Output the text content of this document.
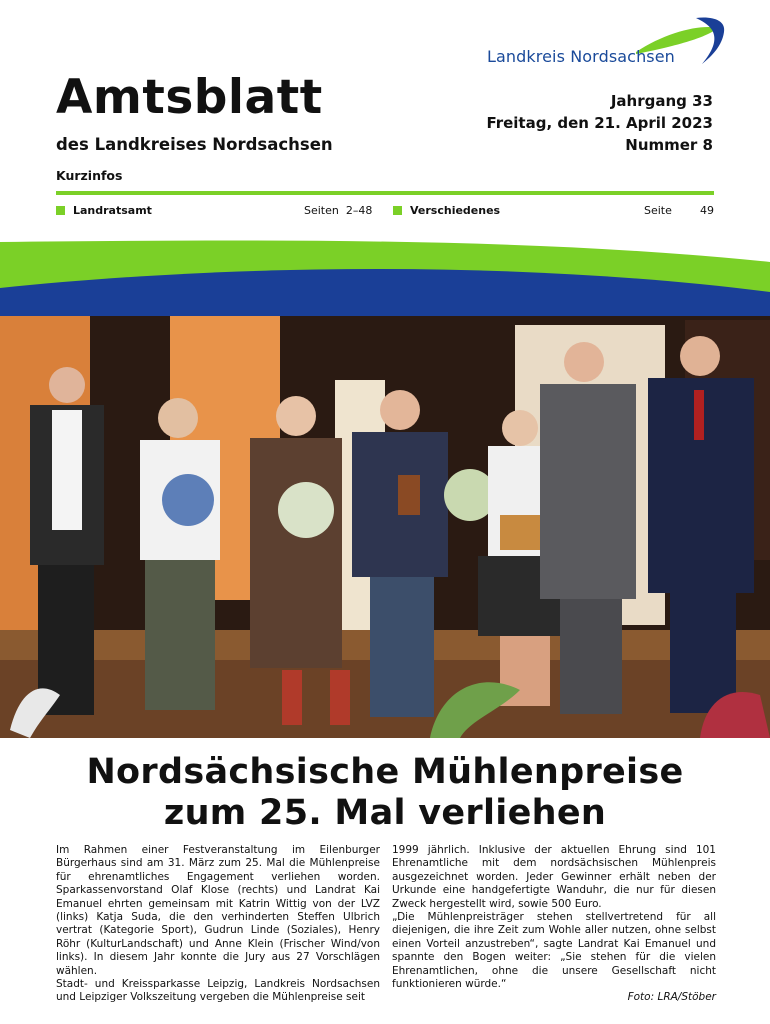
Landkreis Nordsachsen
Amtsblatt
des Landkreises Nordsachsen
Jahrgang 33
Freitag, den 21. April 2023
Nummer 8
Kurzinfos
Landratsamt	Seiten 2–48	Verschiedenes	Seite	49
Nordsächsische Mühlenpreise
zum 25. Mal verliehen

Im Rahmen einer Festveranstaltung im Eilenburger Bürgerhaus sind am 31. März zum 25. Mal die Mühlenpreise für ehrenamtliches Engagement verliehen worden. Sparkassenvorstand Olaf Klose (rechts) und Landrat Kai Emanuel ehrten gemeinsam mit Katrin Wittig von der LVZ (links) Katja Suda, die den verhinderten Steffen Ulbrich vertrat (Kategorie Sport), Gudrun Linde (Soziales), Henry Röhr (KulturLandschaft) und Anne Klein (Frischer Wind/von links). In diesem Jahr konnte die Jury aus 27 Vorschlägen wählen.

Stadt- und Kreissparkasse Leipzig, Landkreis Nordsachsen und Leipziger Volkszeitung vergeben die Mühlenpreise seit

1999 jährlich. Inklusive der aktuellen Ehrung sind 101 Ehrenamtliche mit dem nordsächsischen Mühlenpreis ausgezeichnet worden. Jeder Gewinner erhält neben der Urkunde eine handgefertigte Wanduhr, die nur für diesen Zweck hergestellt wird, sowie 500 Euro.

„Die Mühlenpreisträger stehen stellvertretend für all diejenigen, die ihre Zeit zum Wohle aller nutzen, ohne selbst einen Vorteil anzustreben“, sagte Landrat Kai Emanuel und spannte den Bogen weiter: „Sie stehen für die vielen Ehrenamtlichen, ohne die unsere Gesellschaft nicht funktionieren würde.“

Foto: LRA/Stöber
